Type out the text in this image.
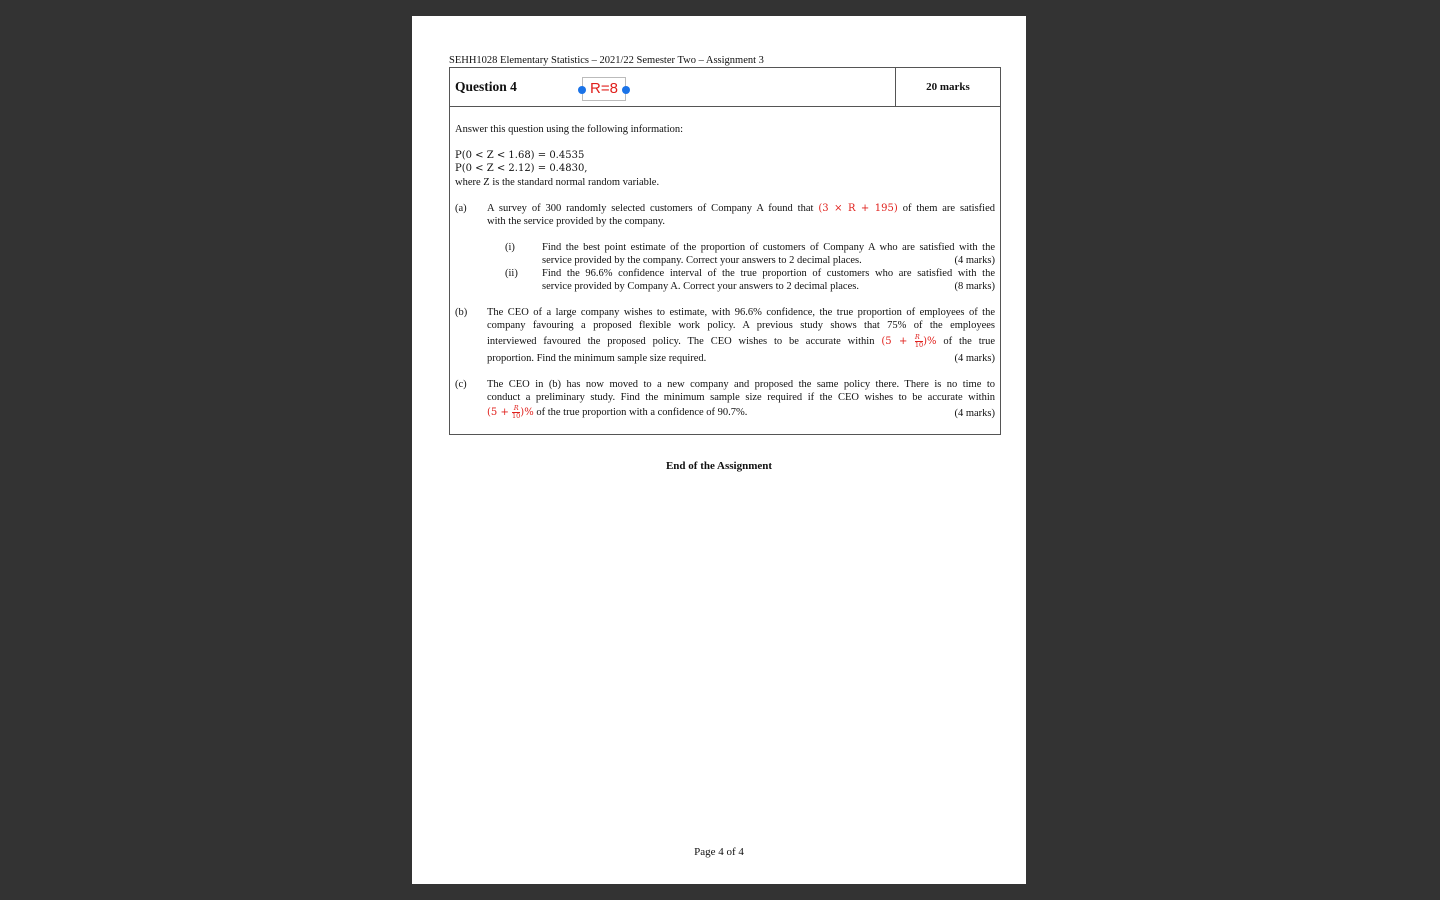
SEHH1028 Elementary Statistics – 2021/22 Semester Two – Assignment 3
Question 4	R=8	20 marks
Answer this question using the following information:
P(0 < Z < 1.68) = 0.4535
P(0 < Z < 2.12) = 0.4830,
where Z is the standard normal random variable.
(a) A survey of 300 randomly selected customers of Company A found that (3 × R + 195) of them are satisfied
with the service provided by the company.
(i)	Find the best point estimate of the proportion of customers of Company A who are satisfied with the
service provided by the company. Correct your answers to 2 decimal places.	(4 marks)
(ii) Find the 96.6% confidence interval of the true proportion of customers who are satisfied with the
service provided by Company A. Correct your answers to 2 decimal places.	(8 marks)
(b) The CEO of a large company wishes to estimate, with 96.6% confidence, the true proportion of employees of the
company favouring a proposed flexible work policy. A previous study shows that 75% of the employees
interviewed favoured the proposed policy. The CEO wishes to be accurate within ($5 + \frac{R}{10}$ )% of the true
proportion. Find the minimum sample size required.	(4 marks)
(c) The CEO in (b) has now moved to a new company and proposed the same policy there. There is no time to
conduct a preliminary study. Find the minimum sample size required if the CEO wishes to be accurate within
($5 + \frac{R}{10}$ )% of the true proportion with a confidence of 90.7%.	(4 marks)
End of the Assignment
Page 4 of 4
